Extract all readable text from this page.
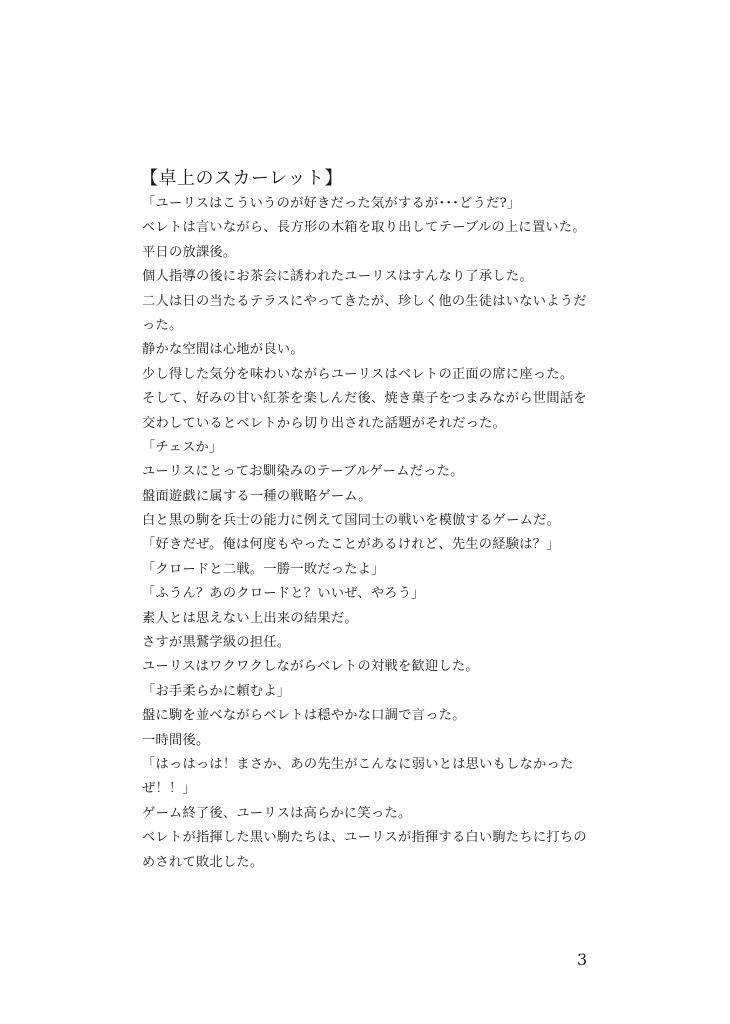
【卓上のスカーレット】
「ユーリスはこういうのが好きだった気がするが･･･どうだ?」
ベレトは言いながら、長方形の木箱を取り出してテーブルの上に置いた。
平日の放課後。
個人指導の後にお茶会に誘われたユーリスはすんなり了承した。
二人は日の当たるテラスにやってきたが、珍しく他の生徒はいないようだ
った。
静かな空間は心地が良い。
少し得した気分を味わいながらユーリスはベレトの正面の席に座った。
そして、好みの甘い紅茶を楽しんだ後、焼き菓子をつまみながら世間話を
交わしているとベレトから切り出された話題がそれだった。
「チェスか」
ユーリスにとってお馴染みのテーブルゲームだった。
盤面遊戯に属する一種の戦略ゲーム。
白と黒の駒を兵士の能力に例えて国同士の戦いを模倣するゲームだ。
「好きだぜ。俺は何度もやったことがあるけれど、先生の経験は？」
「クロードと二戦。一勝一敗だったよ」
「ふうん？あのクロードと？いいぜ、やろう」
素人とは思えない上出来の結果だ。
さすが黒鷲学級の担任。
ユーリスはワクワクしながらベレトの対戦を歓迎した。
「お手柔らかに頼むよ」
盤に駒を並べながらベレトは穏やかな口調で言った。
一時間後。
「はっはっは！まさか、あの先生がこんなに弱いとは思いもしなかった
ぜ！！」
ゲーム終了後、ユーリスは高らかに笑った。
ベレトが指揮した黒い駒たちは、ユーリスが指揮する白い駒たちに打ちの
めされて敗北した。
3
